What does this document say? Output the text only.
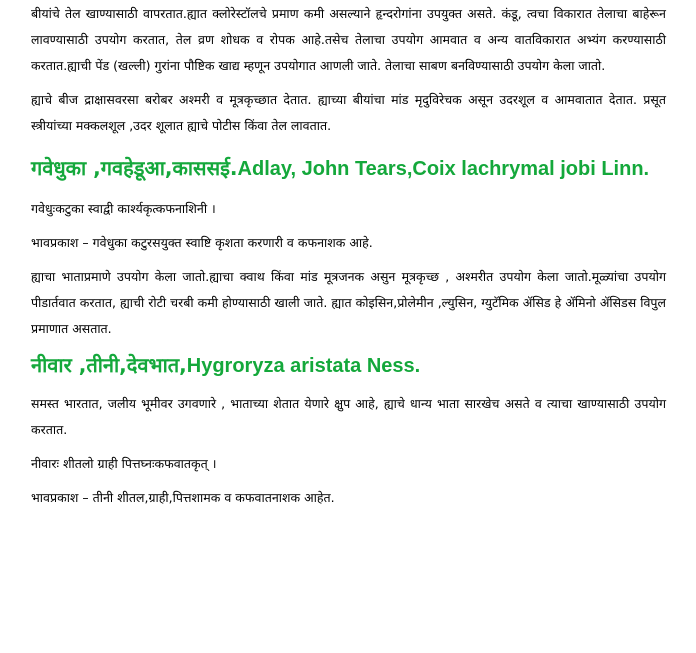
बीयांचे तेल खाण्यासाठी वापरतात.ह्यात क्लोरेस्टॉलचे प्रमाण कमी असल्याने हृन्दरोगांना उपयुक्त असते. कंडू, त्वचा विकारात तेलाचा बाहेरून लावण्यासाठी उपयोग करतात, तेल व्रण शोधक व रोपक आहे.तसेच तेलाचा उपयोग आमवात व अन्य वातविकारात अभ्यंग करण्यासाठी करतात.ह्याची पेंड (खल्ली) गुरांना पौष्टिक खाद्य म्हणून उपयोगात आणली जाते. तेलाचा साबण बनविण्यासाठी उपयोग केला जातो.

ह्याचे बीज द्राक्षासवरसा बरोबर अश्मरी व मूत्रकृच्छात देतात. ह्याच्या बीयांचा मांड मृदुविरेचक असून उदरशूल व आमवातात देतात. प्रसूत स्त्रीयांच्या मक्कलशूल ,उदर शूलात ह्याचे पोटीस किंवा तेल लावतात.

गवेधुका ,गवहेडूआ,काससई.Adlay, John Tears,Coix lachrymal jobi Linn.

गवेधुःकटुका स्वाद्वी कार्श्यकृत्कफनाशिनी ।

भावप्रकाश – गवेधुका कटुरसयुक्त स्वाष्टि कृशता करणारी व कफनाशक आहे.

ह्याचा भाताप्रमाणे उपयोग केला जातो.ह्याचा क्वाथ किंवा मांड मूत्रजनक असुन मूत्रकृच्छ , अश्मरीत उपयोग केला जातो.मूळ्यांचा उपयोग पीडार्तवात करतात, ह्याची रोटी चरबी कमी होण्यासाठी खाली जाते. ह्यात कोइसिन,प्रोलेमीन ,ल्युसिन, ग्युटॅमिक ॲसिड हे ॲमिनो ॲसिडस विपुल प्रमाणात असतात.

नीवार ,तीनी,देवभात,Hygroryza aristata Ness.

समस्त भारतात, जलीय भूमीवर उगवणारे , भाताच्या शेतात येणारे क्षुप आहे, ह्याचे धान्य भाता सारखेच असते व त्याचा खाण्यासाठी उपयोग करतात.

नीवारः शीतलो ग्राही पित्तघ्नःकफवातकृत् ।

भावप्रकाश – तीनी शीतल,ग्राही,पित्तशामक व कफवातनाशक आहेत.
